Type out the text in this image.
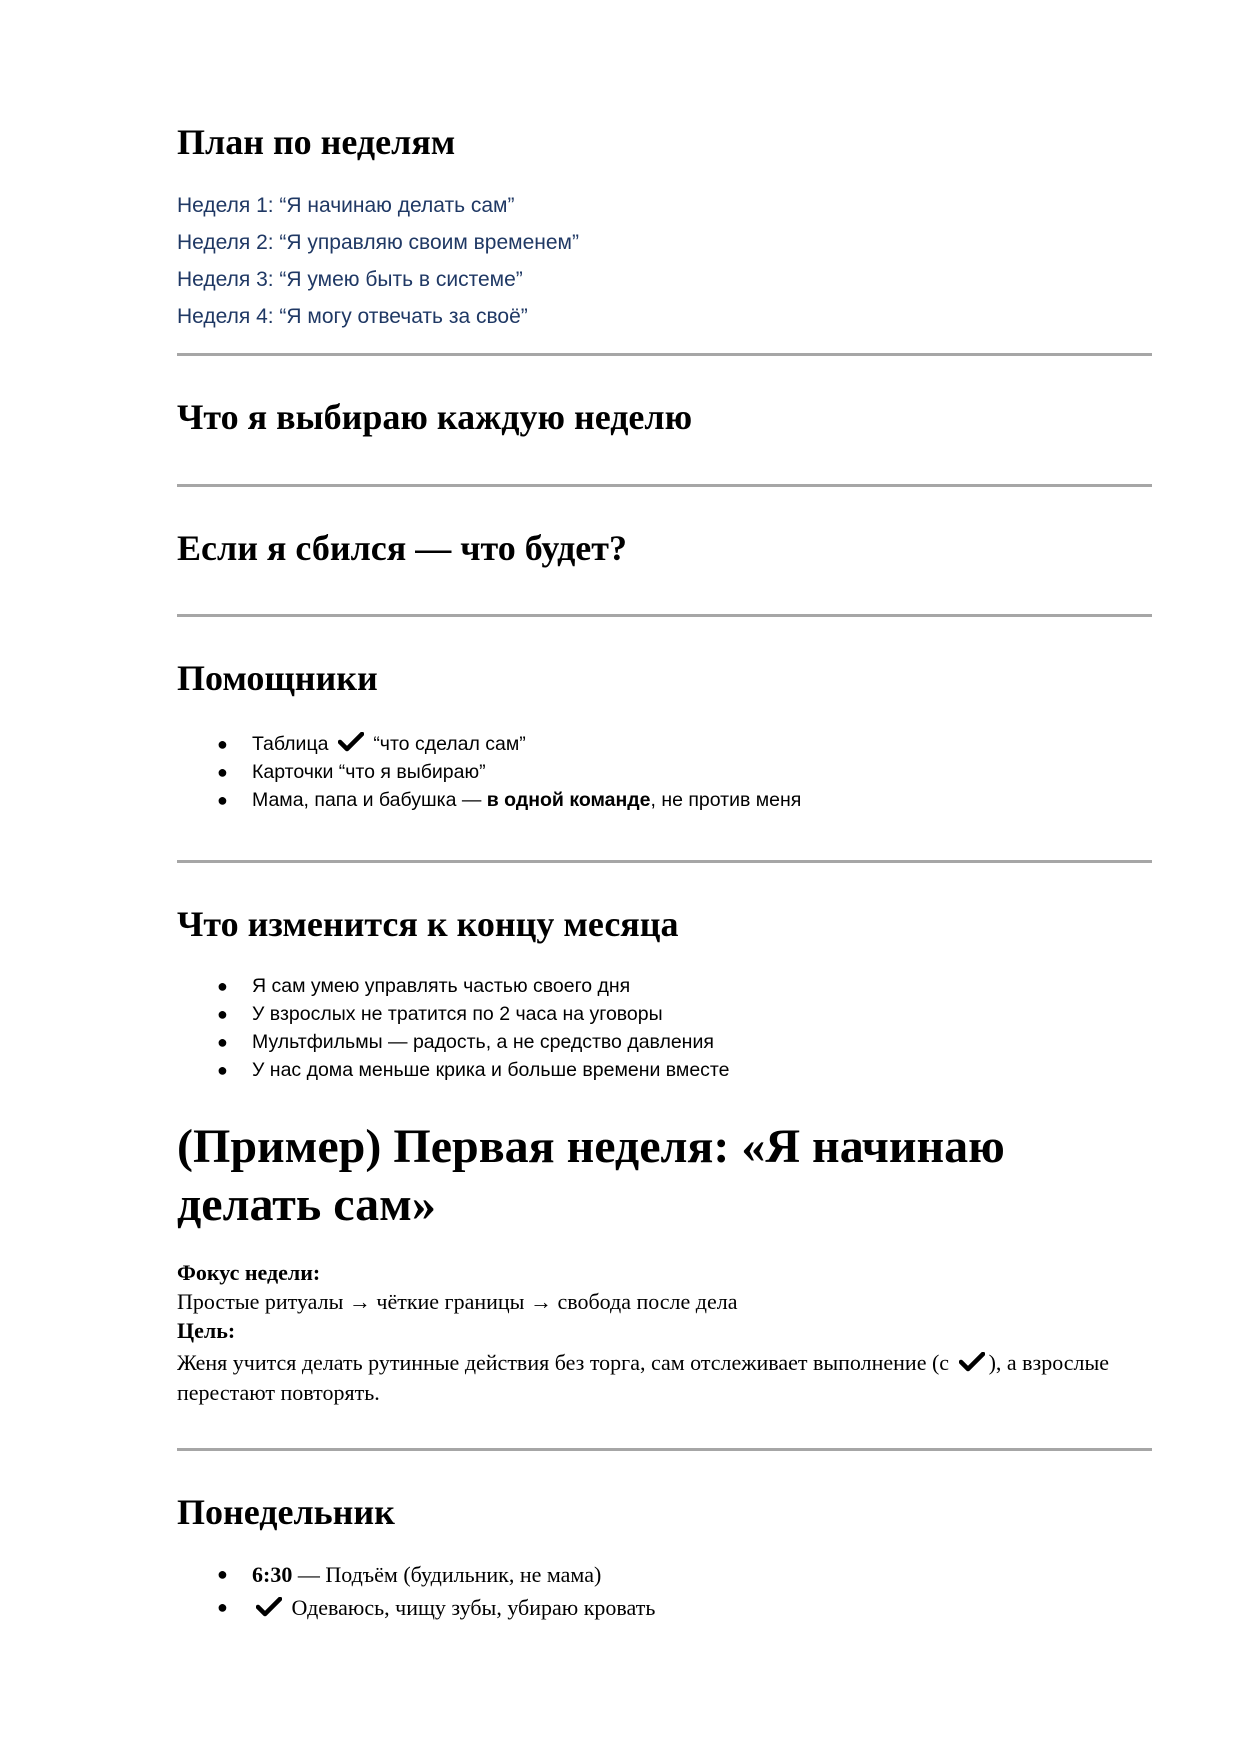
План по неделям
Неделя 1: “Я начинаю делать сам”
Неделя 2: “Я управляю своим временем”
Неделя 3: “Я умею быть в системе”
Неделя 4: “Я могу отвечать за своё”
Что я выбираю каждую неделю
Если я сбился — что будет?
Помощники
● Таблица “что сделал сам”
● Карточки “что я выбираю”
● Мама, папа и бабушка — в одной команде, не против меня
Что изменится к концу месяца
● Я сам умею управлять частью своего дня
● У взрослых не тратится по 2 часа на уговоры
● Мультфильмы — радость, а не средство давления
● У нас дома меньше крика и больше времени вместе
(Пример) Первая неделя: «Я начинаю делать сам»
Фокус недели:
Простые ритуалы → чёткие границы → свобода после дела
Цель:
Женя учится делать рутинные действия без торга, сам отслеживает выполнение (с ), а взрослые перестают повторять.
Понедельник
● 6:30 — Подъём (будильник, не мама)
●	Одеваюсь, чищу зубы, убираю кровать
